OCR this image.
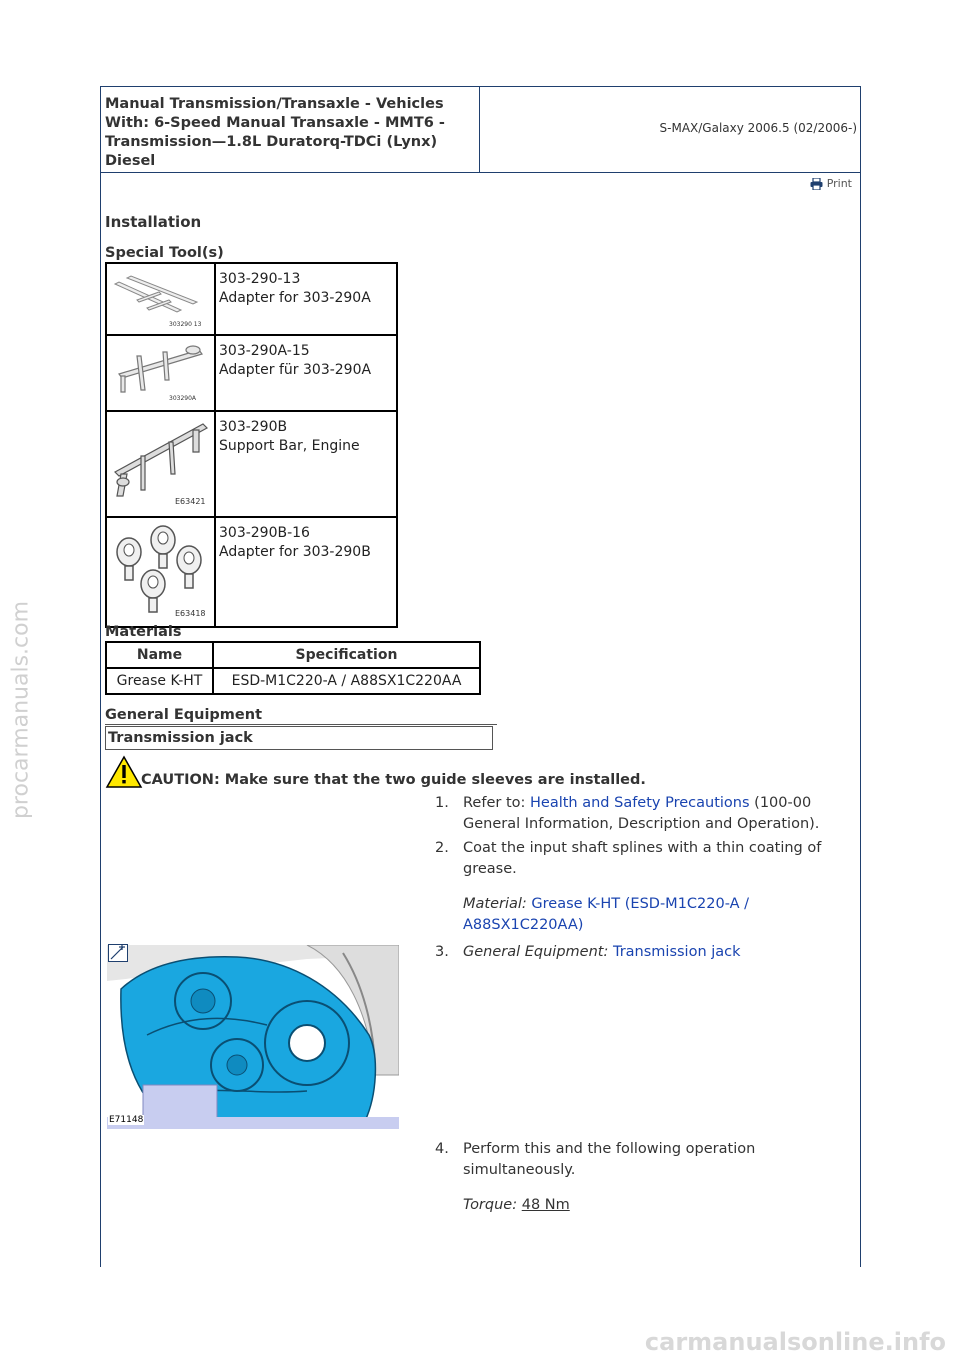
procarmanuals.com
carmanualsonline.info
Manual Transmission/Transaxle - Vehicles With: 6-Speed Manual Transaxle - MMT6 - Transmission—1.8L Duratorq-TDCi (Lynx) Diesel
S-MAX/Galaxy 2006.5 (02/2006-)
Print
Installation
Special Tool(s)
303290 13	303-290-13
Adapter for 303-290A

303290A	303-290A-15
Adapter für 303-290A

E63421	303-290B
Support Bar, Engine

E63418	303-290B-16
Adapter for 303-290B
Materials
Name	Specification
Grease K-HT	ESD-M1C220-A / A88SX1C220AA
General Equipment
Transmission jack
CAUTION: Make sure that the two guide sleeves are installed.
1. Refer to: Health and Safety Precautions (100-00 General Information, Description and Operation).
2. Coat the input shaft splines with a thin coating of grease.
Material: Grease K-HT (ESD-M1C220-A / A88SX1C220AA)
3. General Equipment: Transmission jack
E71148
4. Perform this and the following operation simultaneously.
Torque: 48 Nm
